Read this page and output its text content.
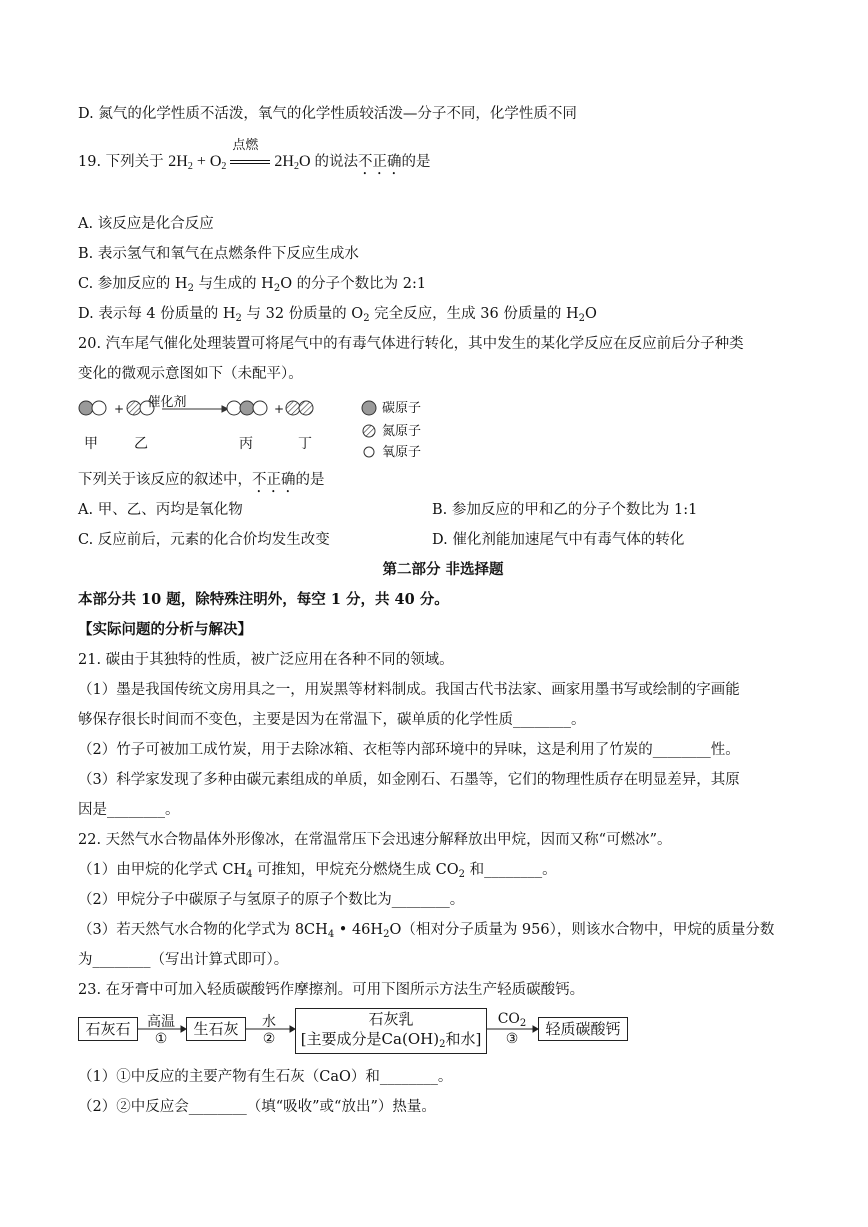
D. 氮气的化学性质不活泼，氧气的化学性质较活泼—分子不同，化学性质不同
19. 下列关于 $2H_2 + O_2$
点燃
$2H_2O$ 的说法不正确的是
A. 该反应是化合反应
B. 表示氢气和氧气在点燃条件下反应生成水
C. 参加反应的 $H_2$ 与生成的 $H_2O$ 的分子个数比为 2:1
D. 表示每 4 份质量的 $H_2$ 与 32 份质量的 $O_2$ 完全反应，生成 36 份质量的 $H_2O$
20. 汽车尾气催化处理装置可将尾气中的有毒气体进行转化，其中发生的某化学反应在反应前后分子种类
变化的微观示意图如下（未配平）。
+	+
催化剂
甲	乙	丙	丁
碳原子
氮原子
氧原子
下列关于该反应的叙述中，不正确的是
A. 甲、乙、丙均是氧化物	B. 参加反应的甲和乙的分子个数比为 1:1
C. 反应前后，元素的化合价均发生改变	D. 催化剂能加速尾气中有毒气体的转化
第二部分 非选择题
本部分共 10 题，除特殊注明外，每空 1 分，共 40 分。
【实际问题的分析与解决】
21. 碳由于其独特的性质，被广泛应用在各种不同的领域。
（1）墨是我国传统文房用具之一，用炭黑等材料制成。我国古代书法家、画家用墨书写或绘制的字画能
够保存很长时间而不变色，主要是因为在常温下，碳单质的化学性质________。
（2）竹子可被加工成竹炭，用于去除冰箱、衣柜等内部环境中的异味，这是利用了竹炭的________性。
（3）科学家发现了多种由碳元素组成的单质，如金刚石、石墨等，它们的物理性质存在明显差异，其原
因是________。
22. 天然气水合物晶体外形像冰，在常温常压下会迅速分解释放出甲烷，因而又称“可燃冰”。
（1）由甲烷的化学式 $CH_4$ 可推知，甲烷充分燃烧生成 $CO_2$ 和________。
（2）甲烷分子中碳原子与氢原子的原子个数比为________。
（3）若天然气水合物的化学式为 $8CH_4$ • $46H_2O$（相对分子质量为 956），则该水合物中，甲烷的质量分数
为________（写出计算式即可）。
23. 在牙膏中可加入轻质碳酸钙作摩擦剂。可用下图所示方法生产轻质碳酸钙。
石灰石	高温
①
生石灰	水
②
石灰乳
[主要成分是$Ca(OH)_2$和水]
$CO_2$
③
轻质碳酸钙
（1）①中反应的主要产物有生石灰（CaO）和________。
（2）②中反应会________（填“吸收”或“放出”）热量。
